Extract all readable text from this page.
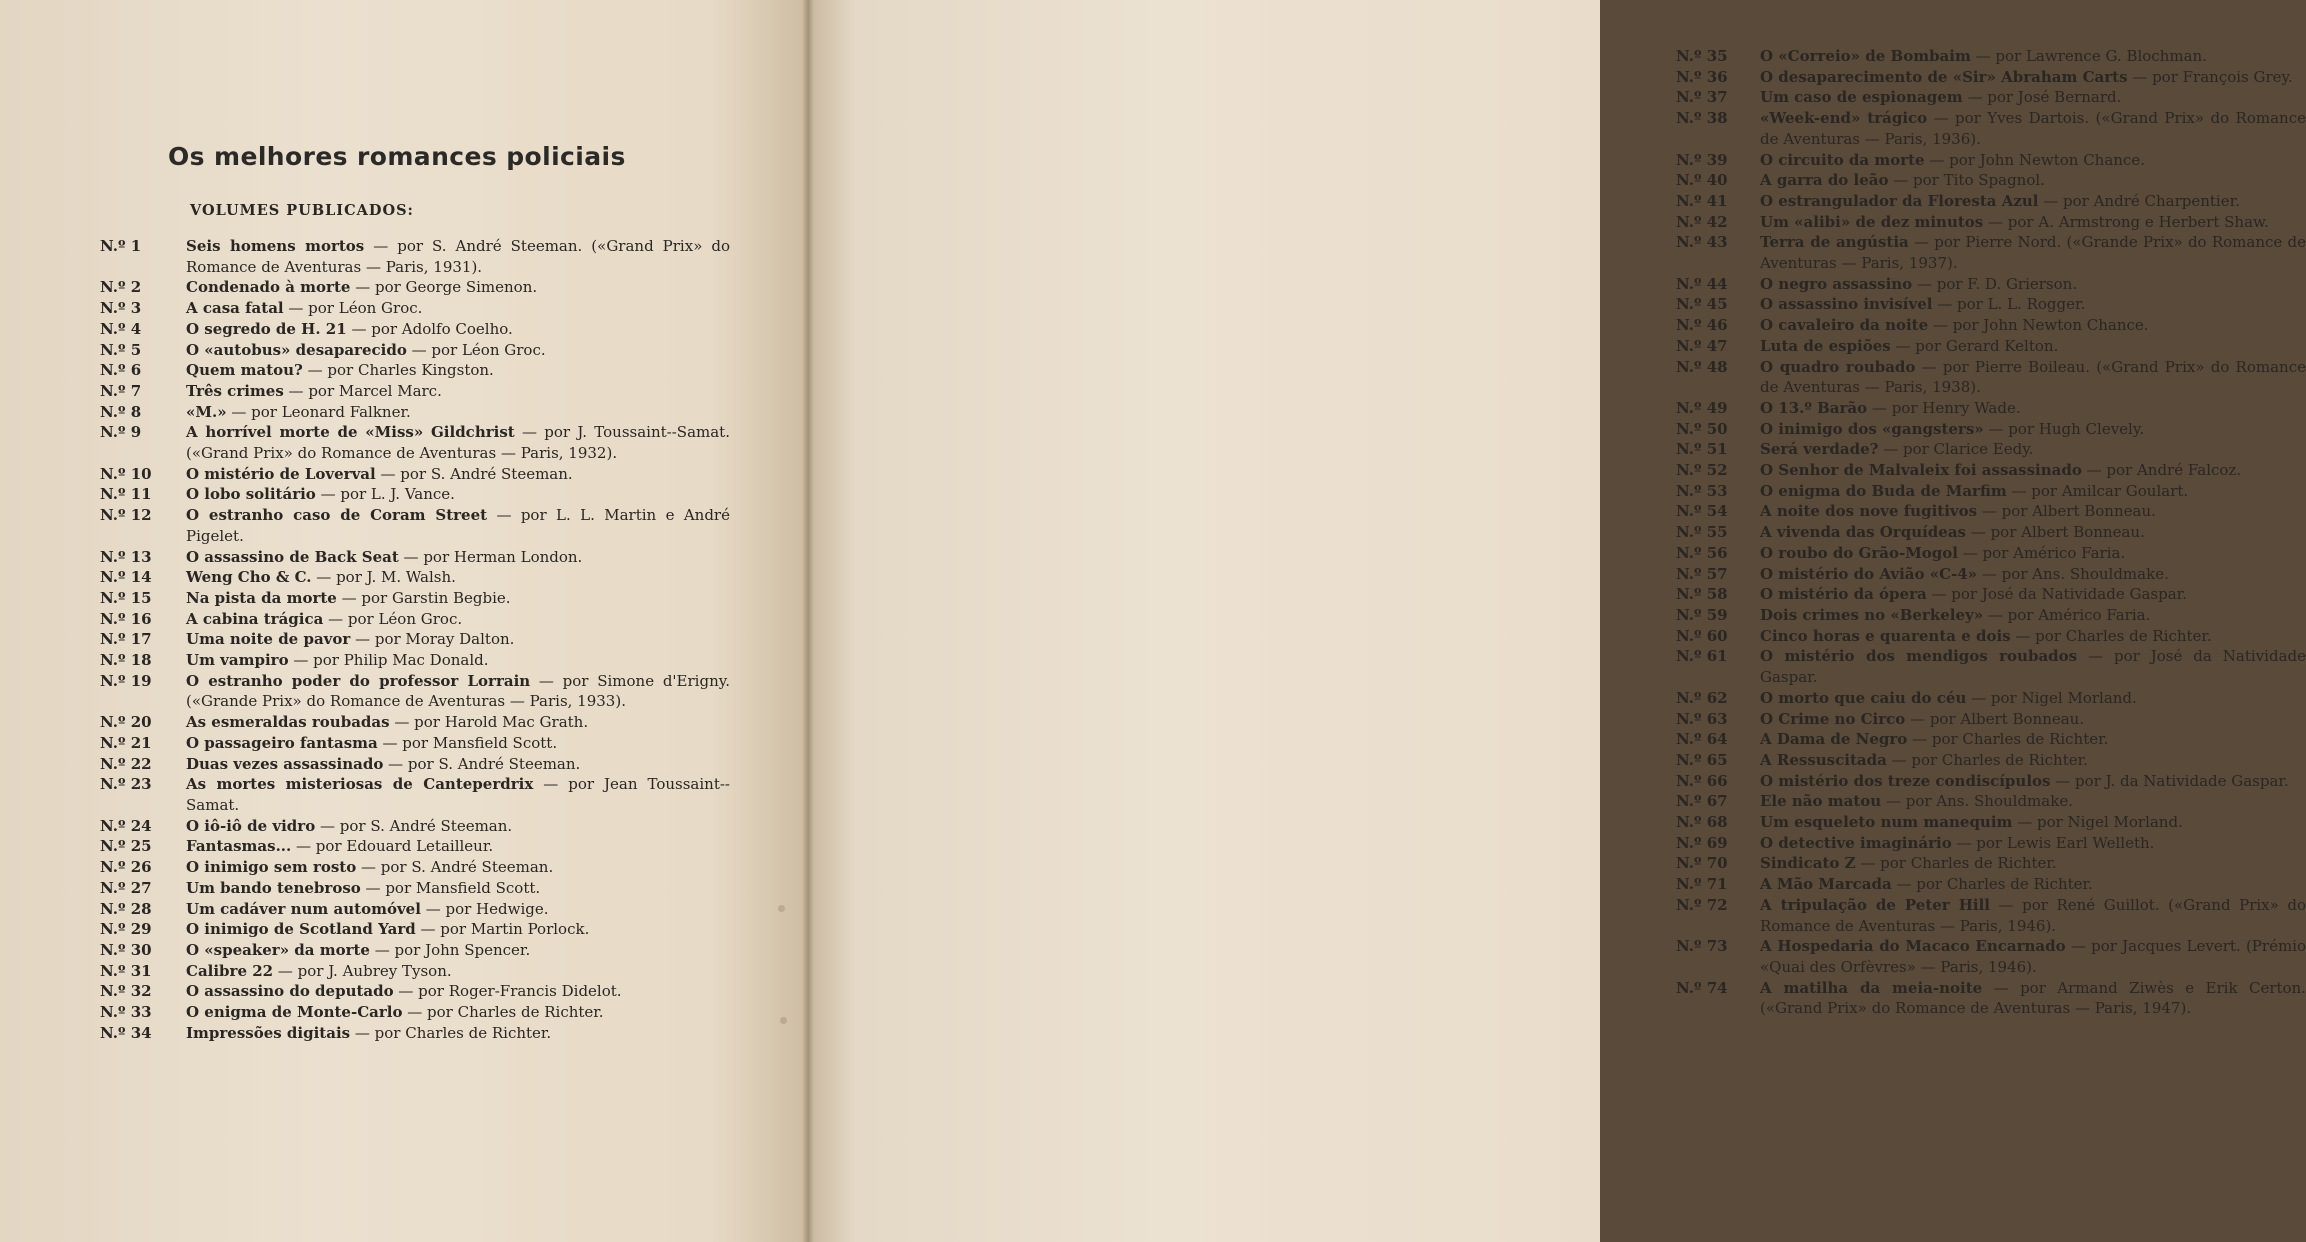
Os melhores romances policiais
VOLUMES PUBLICADOS:
N.º 1	Seis homens mortos — por S. André Steeman. («Grand Prix» do Romance de Aventuras — Paris, 1931).
N.º 2	Condenado à morte — por George Simenon.
N.º 3	A casa fatal — por Léon Groc.
N.º 4	O segredo de H. 21 — por Adolfo Coelho.
N.º 5	O «autobus» desaparecido — por Léon Groc.
N.º 6	Quem matou? — por Charles Kingston.
N.º 7	Três crimes — por Marcel Marc.
N.º 8	«M.» — por Leonard Falkner.
N.º 9	A horrível morte de «Miss» Gildchrist — por J. Toussaint--Samat. («Grand Prix» do Romance de Aventuras — Paris, 1932).
N.º 10	O mistério de Loverval — por S. André Steeman.
N.º 11	O lobo solitário — por L. J. Vance.
N.º 12	O estranho caso de Coram Street — por L. L. Martin e André Pigelet.
N.º 13	O assassino de Back Seat — por Herman London.
N.º 14	Weng Cho & C. — por J. M. Walsh.
N.º 15	Na pista da morte — por Garstin Begbie.
N.º 16	A cabina trágica — por Léon Groc.
N.º 17	Uma noite de pavor — por Moray Dalton.
N.º 18	Um vampiro — por Philip Mac Donald.
N.º 19	O estranho poder do professor Lorrain — por Simone d'Erigny. («Grande Prix» do Romance de Aventuras — Paris, 1933).
N.º 20	As esmeraldas roubadas — por Harold Mac Grath.
N.º 21	O passageiro fantasma — por Mansfield Scott.
N.º 22	Duas vezes assassinado — por S. André Steeman.
N.º 23	As mortes misteriosas de Canteperdrix — por Jean Toussaint--Samat.
N.º 24	O iô-iô de vidro — por S. André Steeman.
N.º 25	Fantasmas... — por Edouard Letailleur.
N.º 26	O inimigo sem rosto — por S. André Steeman.
N.º 27	Um bando tenebroso — por Mansfield Scott.
N.º 28	Um cadáver num automóvel — por Hedwige.
N.º 29	O inimigo de Scotland Yard — por Martin Porlock.
N.º 30	O «speaker» da morte — por John Spencer.
N.º 31	Calibre 22 — por J. Aubrey Tyson.
N.º 32	O assassino do deputado — por Roger-Francis Didelot.
N.º 33	O enigma de Monte-Carlo — por Charles de Richter.
N.º 34	Impressões digitais — por Charles de Richter.
N.º 35	O «Correio» de Bombaim — por Lawrence G. Blochman.
N.º 36	O desaparecimento de «Sir» Abraham Carts — por François Grey.
N.º 37	Um caso de espionagem — por José Bernard.
N.º 38	«Week-end» trágico — por Yves Dartois. («Grand Prix» do Romance de Aventuras — Paris, 1936).
N.º 39	O circuito da morte — por John Newton Chance.
N.º 40	A garra do leão — por Tito Spagnol.
N.º 41	O estrangulador da Floresta Azul — por André Charpentier.
N.º 42	Um «alibi» de dez minutos — por A. Armstrong e Herbert Shaw.
N.º 43	Terra de angústia — por Pierre Nord. («Grande Prix» do Romance de Aventuras — Paris, 1937).
N.º 44	O negro assassino — por F. D. Grierson.
N.º 45	O assassino invisível — por L. L. Rogger.
N.º 46	O cavaleiro da noite — por John Newton Chance.
N.º 47	Luta de espiões — por Gerard Kelton.
N.º 48	O quadro roubado — por Pierre Boileau. («Grand Prix» do Romance de Aventuras — Paris, 1938).
N.º 49	O 13.º Barão — por Henry Wade.
N.º 50	O inimigo dos «gangsters» — por Hugh Clevely.
N.º 51	Será verdade? — por Clarice Eedy.
N.º 52	O Senhor de Malvaleix foi assassinado — por André Falcoz.
N.º 53	O enigma do Buda de Marfim — por Amilcar Goulart.
N.º 54	A noite dos nove fugitivos — por Albert Bonneau.
N.º 55	A vivenda das Orquídeas — por Albert Bonneau.
N.º 56	O roubo do Grão-Mogol — por Américo Faria.
N.º 57	O mistério do Avião «C-4» — por Ans. Shouldmake.
N.º 58	O mistério da ópera — por José da Natividade Gaspar.
N.º 59	Dois crimes no «Berkeley» — por Américo Faria.
N.º 60	Cinco horas e quarenta e dois — por Charles de Richter.
N.º 61	O mistério dos mendigos roubados — por José da Natividade Gaspar.
N.º 62	O morto que caiu do céu — por Nigel Morland.
N.º 63	O Crime no Circo — por Albert Bonneau.
N.º 64	A Dama de Negro — por Charles de Richter.
N.º 65	A Ressuscitada — por Charles de Richter.
N.º 66	O mistério dos treze condiscípulos — por J. da Natividade Gaspar.
N.º 67	Ele não matou — por Ans. Shouldmake.
N.º 68	Um esqueleto num manequim — por Nigel Morland.
N.º 69	O detective imaginário — por Lewis Earl Welleth.
N.º 70	Sindicato Z — por Charles de Richter.
N.º 71	A Mão Marcada — por Charles de Richter.
N.º 72	A tripulação de Peter Hill — por René Guillot. («Grand Prix» do Romance de Aventuras — Paris, 1946).
N.º 73	A Hospedaria do Macaco Encarnado — por Jacques Levert. (Prémio «Quai des Orfèvres» — Paris, 1946).
N.º 74	A matilha da meia-noite — por Armand Ziwès e Erik Certon. («Grand Prix» do Romance de Aventuras — Paris, 1947).
